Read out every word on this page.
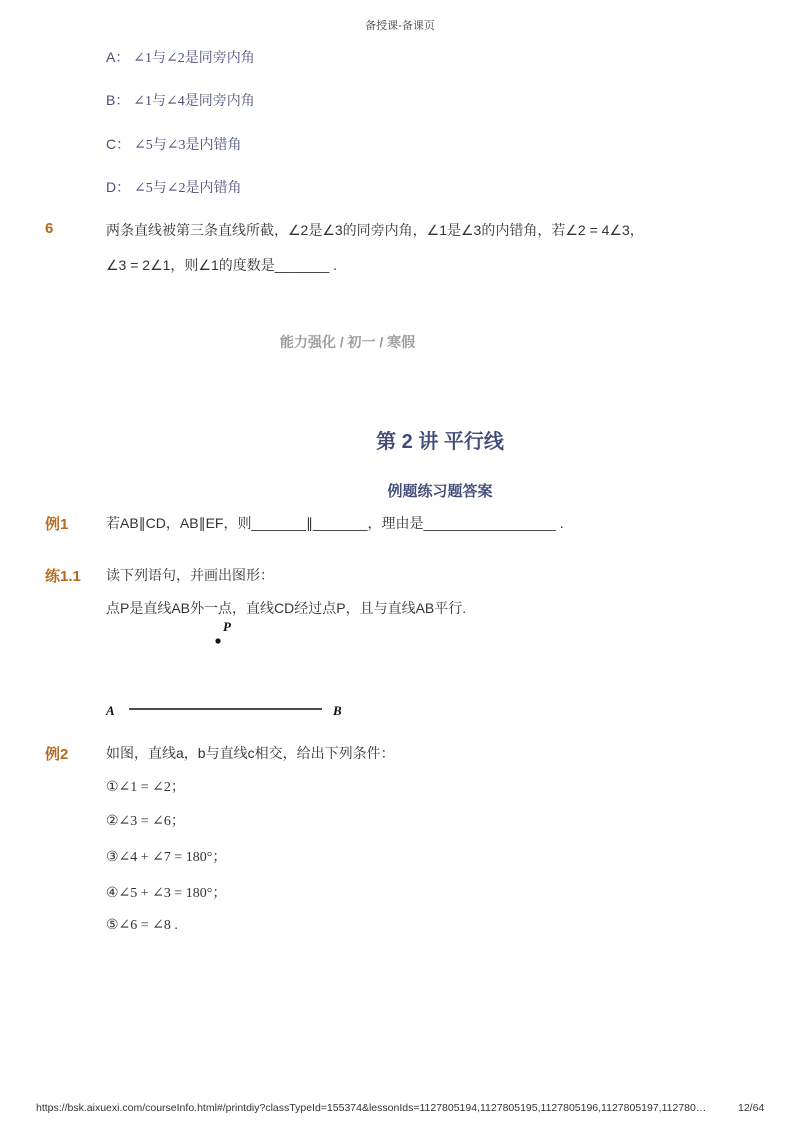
备授课-备课页
A： ∠1与∠2是同旁内角
B： ∠1与∠4是同旁内角
C： ∠5与∠3是内错角
D： ∠5与∠2是内错角
6	两条直线被第三条直线所截，∠2是∠3的同旁内角，∠1是∠3的内错角，若∠2 = 4∠3，
∠3 = 2∠1，则∠1的度数是_______ .
能力强化 / 初一 / 寒假
第 2 讲 平行线
例题练习题答案
例1	若AB∥CD，AB∥EF，则_______∥_______，理由是_________________ .
练1.1 读下列语句，并画出图形：
点P是直线AB外一点，直线CD经过点P，且与直线AB平行.
P
A	B
例2	如图，直线a，b与直线c相交，给出下列条件：
①∠1 = ∠2；
②∠3 = ∠6；
③∠4 + ∠7 = 180°；
④∠5 + ∠3 = 180°；
⑤∠6 = ∠8 .
https://bsk.aixuexi.com/courseInfo.html#/printdiy?classTypeId=155374&lessonIds=1127805194,1127805195,1127805196,1127805197,112780…	12/64
